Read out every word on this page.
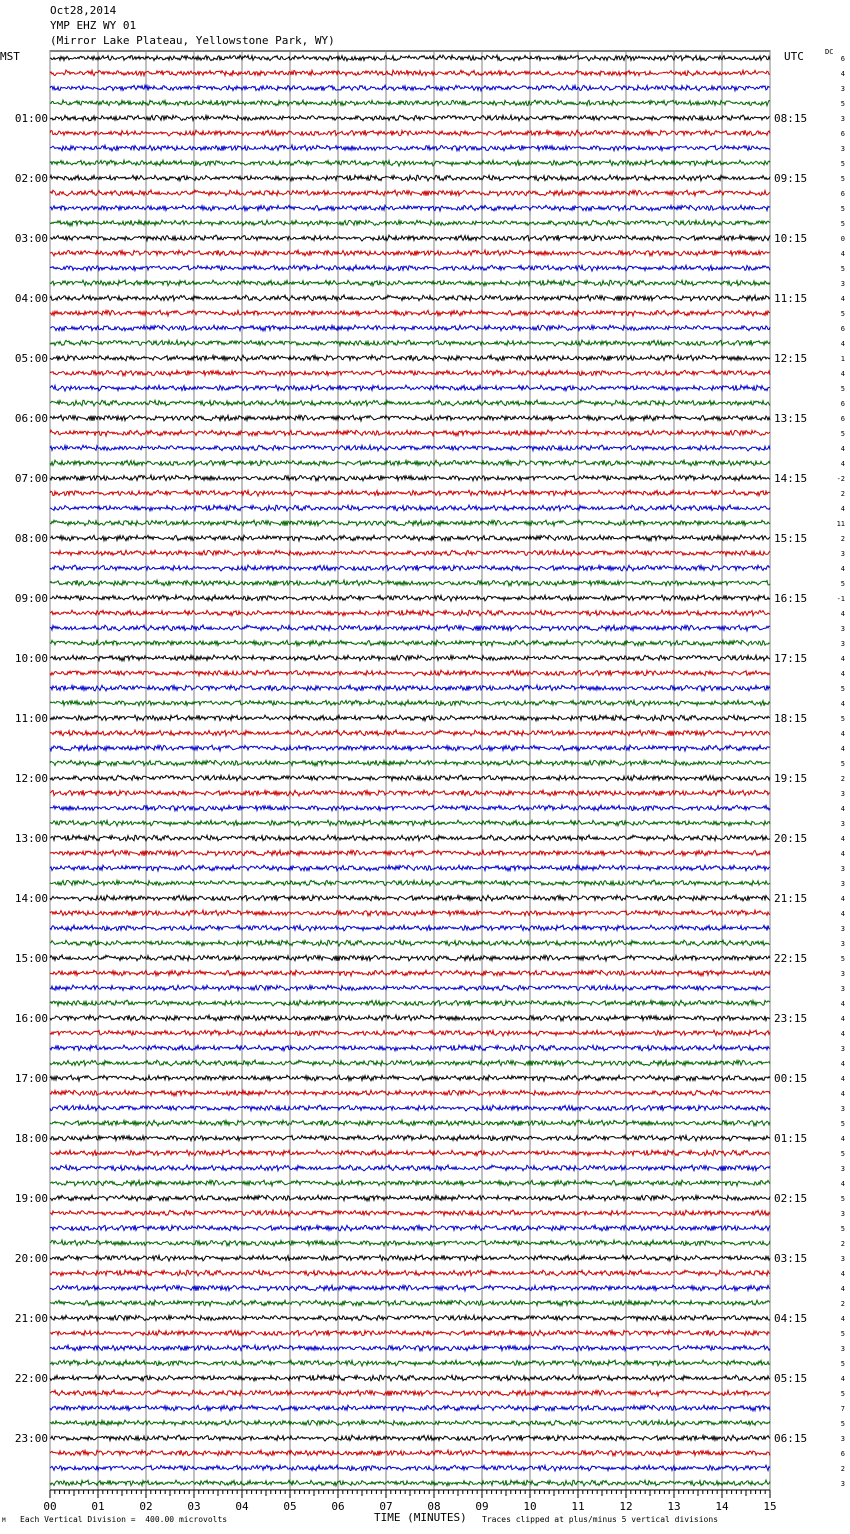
Oct28,2014
YMP EHZ WY 01
(Mirror Lake Plateau, Yellowstone Park, WY)
MST	UTC	DC
01:00
02:00
03:00
04:00
05:00
06:00
07:00
08:00
09:00
10:00
11:00
12:00
13:00
14:00
15:00
16:00
17:00
18:00
19:00
20:00
21:00
22:00
23:00
08:15
09:15
10:15
11:15
12:15
13:15
14:15
15:15
16:15
17:15
18:15
19:15
20:15
21:15
22:15
23:15
00:15
01:15
02:15
03:15
04:15
05:15
06:15
6
4
3
5
3
6
3
5
5
6
5
5
0
4
5
3
4
5
6
4
1
4
5
6
6
5
4
4
-2
2
4
11
2
3
4
5
-1
4
3
3
4
4
5
4
5
4
4
5
2
3
4
3
4
4
3
3
4
4
3
3
5
3
3
4
4
4
3
4
4
4
3
5
4
5
3
4
5
3
5
2
3
4
4
2
4
5
3
5
4
5
7
5
3
6
2
3
00	01	02	03	04	05	06	07	08	09	10	11	12	13	14	15
M Each Vertical Division =  400.00 microvolts	TIME (MINUTES) Traces clipped at plus/minus 5 vertical divisions
